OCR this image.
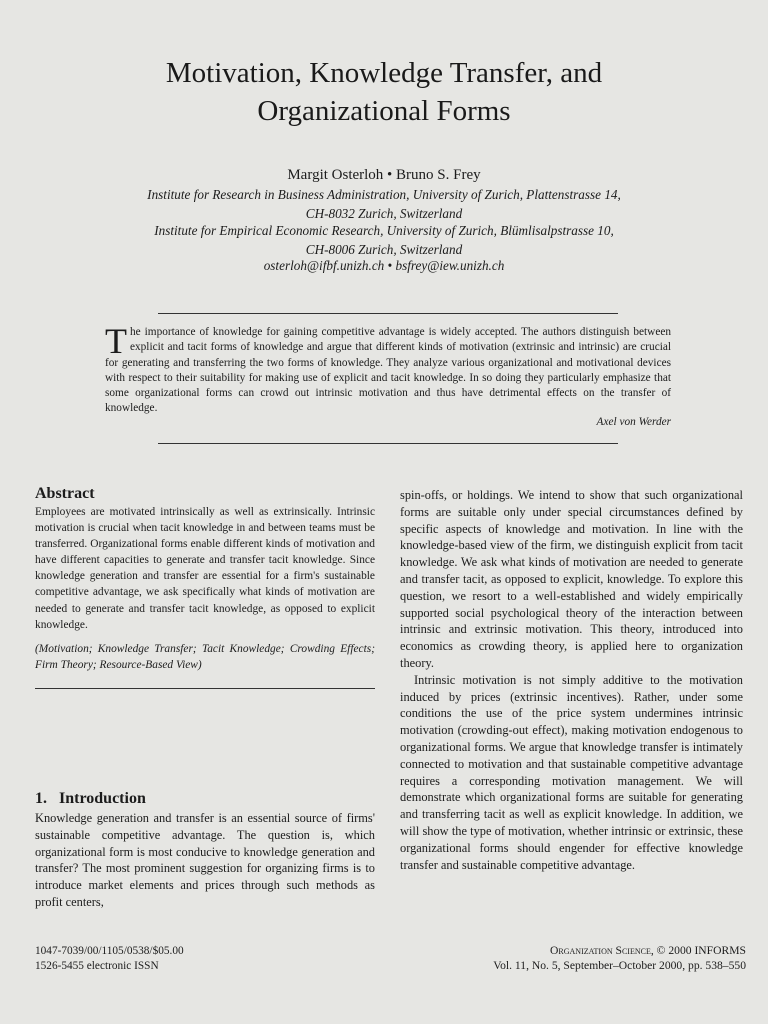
Motivation, Knowledge Transfer, and
Organizational Forms
Margit Osterloh • Bruno S. Frey
Institute for Research in Business Administration, University of Zurich, Plattenstrasse 14,
CH-8032 Zurich, Switzerland
Institute for Empirical Economic Research, University of Zurich, Blümlisalpstrasse 10,
CH-8006 Zurich, Switzerland
osterloh@ifbf.unizh.ch • bsfrey@iew.unizh.ch
The importance of knowledge for gaining competitive advantage is widely accepted. The authors distinguish between explicit and tacit forms of knowledge and argue that different kinds of motivation (extrinsic and intrinsic) are crucial for generating and transferring the two forms of knowledge. They analyze various organizational and motivational devices with respect to their suitability for making use of explicit and tacit knowledge. In so doing they particularly emphasize that some organizational forms can crowd out intrinsic motivation and thus have detrimental effects on the transfer of knowledge.
Axel von Werder
Abstract
Employees are motivated intrinsically as well as extrinsically. Intrinsic motivation is crucial when tacit knowledge in and between teams must be transferred. Organizational forms enable different kinds of motivation and have different capacities to generate and transfer tacit knowledge. Since knowledge generation and transfer are essential for a firm's sustainable competitive advantage, we ask specifically what kinds of motivation are needed to generate and transfer tacit knowledge, as opposed to explicit knowledge.
(Motivation; Knowledge Transfer; Tacit Knowledge; Crowding Effects; Firm Theory; Resource-Based View)
1.   Introduction
Knowledge generation and transfer is an essential source of firms' sustainable competitive advantage. The question is, which organizational form is most conducive to knowledge generation and transfer? The most prominent suggestion for organizing firms is to introduce market elements and prices through such methods as profit centers,

spin-offs, or holdings. We intend to show that such organizational forms are suitable only under special circumstances defined by specific aspects of knowledge and motivation. In line with the knowledge-based view of the firm, we distinguish explicit from tacit knowledge. We ask what kinds of motivation are needed to generate and transfer tacit, as opposed to explicit, knowledge. To explore this question, we resort to a well-established and widely empirically supported social psychological theory of the interaction between intrinsic and extrinsic motivation. This theory, introduced into economics as crowding theory, is applied here to organization theory.

Intrinsic motivation is not simply additive to the motivation induced by prices (extrinsic incentives). Rather, under some conditions the use of the price system undermines intrinsic motivation (crowding-out effect), making motivation endogenous to organizational forms. We argue that knowledge transfer is intimately connected to motivation and that sustainable competitive advantage requires a corresponding motivation management. We will demonstrate which organizational forms are suitable for generating and transferring tacit as well as explicit knowledge. In addition, we will show the type of motivation, whether intrinsic or extrinsic, these organizational forms should engender for effective knowledge transfer and sustainable competitive advantage.

1047-7039/00/1105/0538/$05.00
1526-5455 electronic ISSN
Organization Science, © 2000 INFORMS
Vol. 11, No. 5, September–October 2000, pp. 538–550
